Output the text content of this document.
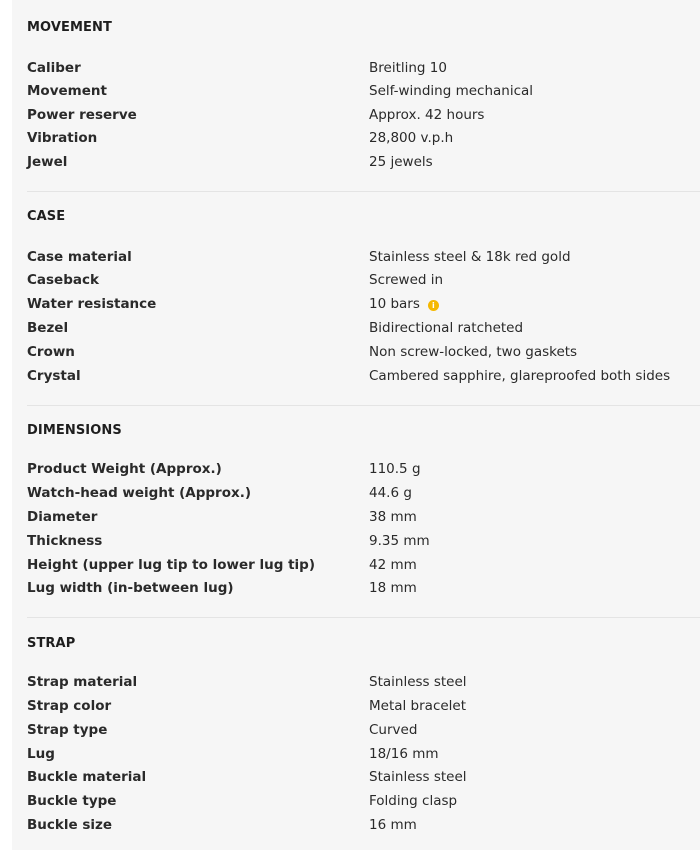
MOVEMENT
Caliber	Breitling 10
Movement	Self-winding mechanical
Power reserve	Approx. 42 hours
Vibration	28,800 v.p.h
Jewel	25 jewels
CASE
Case material	Stainless steel & 18k red gold
Caseback	Screwed in
Water resistance	10 bars i
Bezel	Bidirectional ratcheted
Crown	Non screw-locked, two gaskets
Crystal	Cambered sapphire, glareproofed both sides
DIMENSIONS
Product Weight (Approx.)	110.5 g
Watch-head weight (Approx.)	44.6 g
Diameter	38 mm
Thickness	9.35 mm
Height (upper lug tip to lower lug tip)	42 mm
Lug width (in-between lug)	18 mm
STRAP
Strap material	Stainless steel
Strap color	Metal bracelet
Strap type	Curved
Lug	18/16 mm
Buckle material	Stainless steel
Buckle type	Folding clasp
Buckle size	16 mm
